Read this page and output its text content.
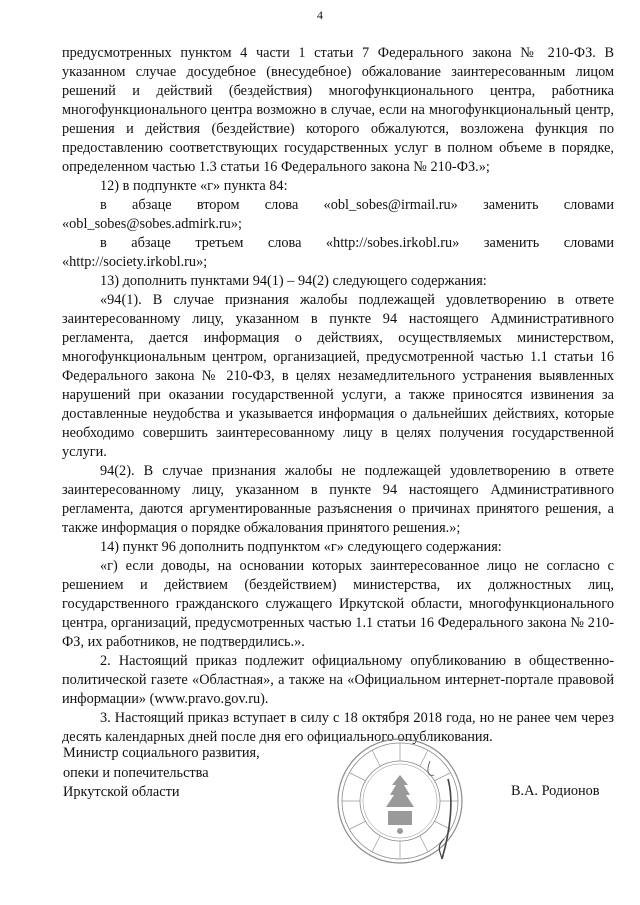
4

предусмотренных пунктом 4 части 1 статьи 7 Федерального закона № 210-ФЗ. В указанном случае досудебное (внесудебное) обжалование заинтересованным лицом решений и действий (бездействия) многофункционального центра, работника многофункционального центра возможно в случае, если на многофункциональный центр, решения и действия (бездействие) которого обжалуются, возложена функция по предоставлению соответствующих государственных услуг в полном объеме в порядке, определенном частью 1.3 статьи 16 Федерального закона № 210-ФЗ.»;

12) в подпункте «г» пункта 84:

в абзаце втором слова «obl_sobes@irmail.ru» заменить словами «obl_sobes@sobes.admirk.ru»;

в абзаце третьем слова «http://sobes.irkobl.ru» заменить словами «http://society.irkobl.ru»;

13) дополнить пунктами 94(1) – 94(2) следующего содержания:

«94(1). В случае признания жалобы подлежащей удовлетворению в ответе заинтересованному лицу, указанном в пункте 94 настоящего Административного регламента, дается информация о действиях, осуществляемых министерством, многофункциональным центром, организацией, предусмотренной частью 1.1 статьи 16 Федерального закона № 210-ФЗ, в целях незамедлительного устранения выявленных нарушений при оказании государственной услуги, а также приносятся извинения за доставленные неудобства и указывается информация о дальнейших действиях, которые необходимо совершить заинтересованному лицу в целях получения государственной услуги.

94(2). В случае признания жалобы не подлежащей удовлетворению в ответе заинтересованному лицу, указанном в пункте 94 настоящего Административного регламента, даются аргументированные разъяснения о причинах принятого решения, а также информация о порядке обжалования принятого решения.»;

14) пункт 96 дополнить подпунктом «г» следующего содержания:

«г) если доводы, на основании которых заинтересованное лицо не согласно с решением и действием (бездействием) министерства, их должностных лиц, государственного гражданского служащего Иркутской области, многофункционального центра, организаций, предусмотренных частью 1.1 статьи 16 Федерального закона № 210-ФЗ, их работников, не подтвердились.».

2. Настоящий приказ подлежит официальному опубликованию в общественно-политической газете «Областная», а также на «Официальном интернет-портале правовой информации» (www.pravo.gov.ru).

3. Настоящий приказ вступает в силу с 18 октября 2018 года, но не ранее чем через десять календарных дней после дня его официального опубликования.

Министр социального развития,
опеки и попечительства
Иркутской области	В.А. Родионов
